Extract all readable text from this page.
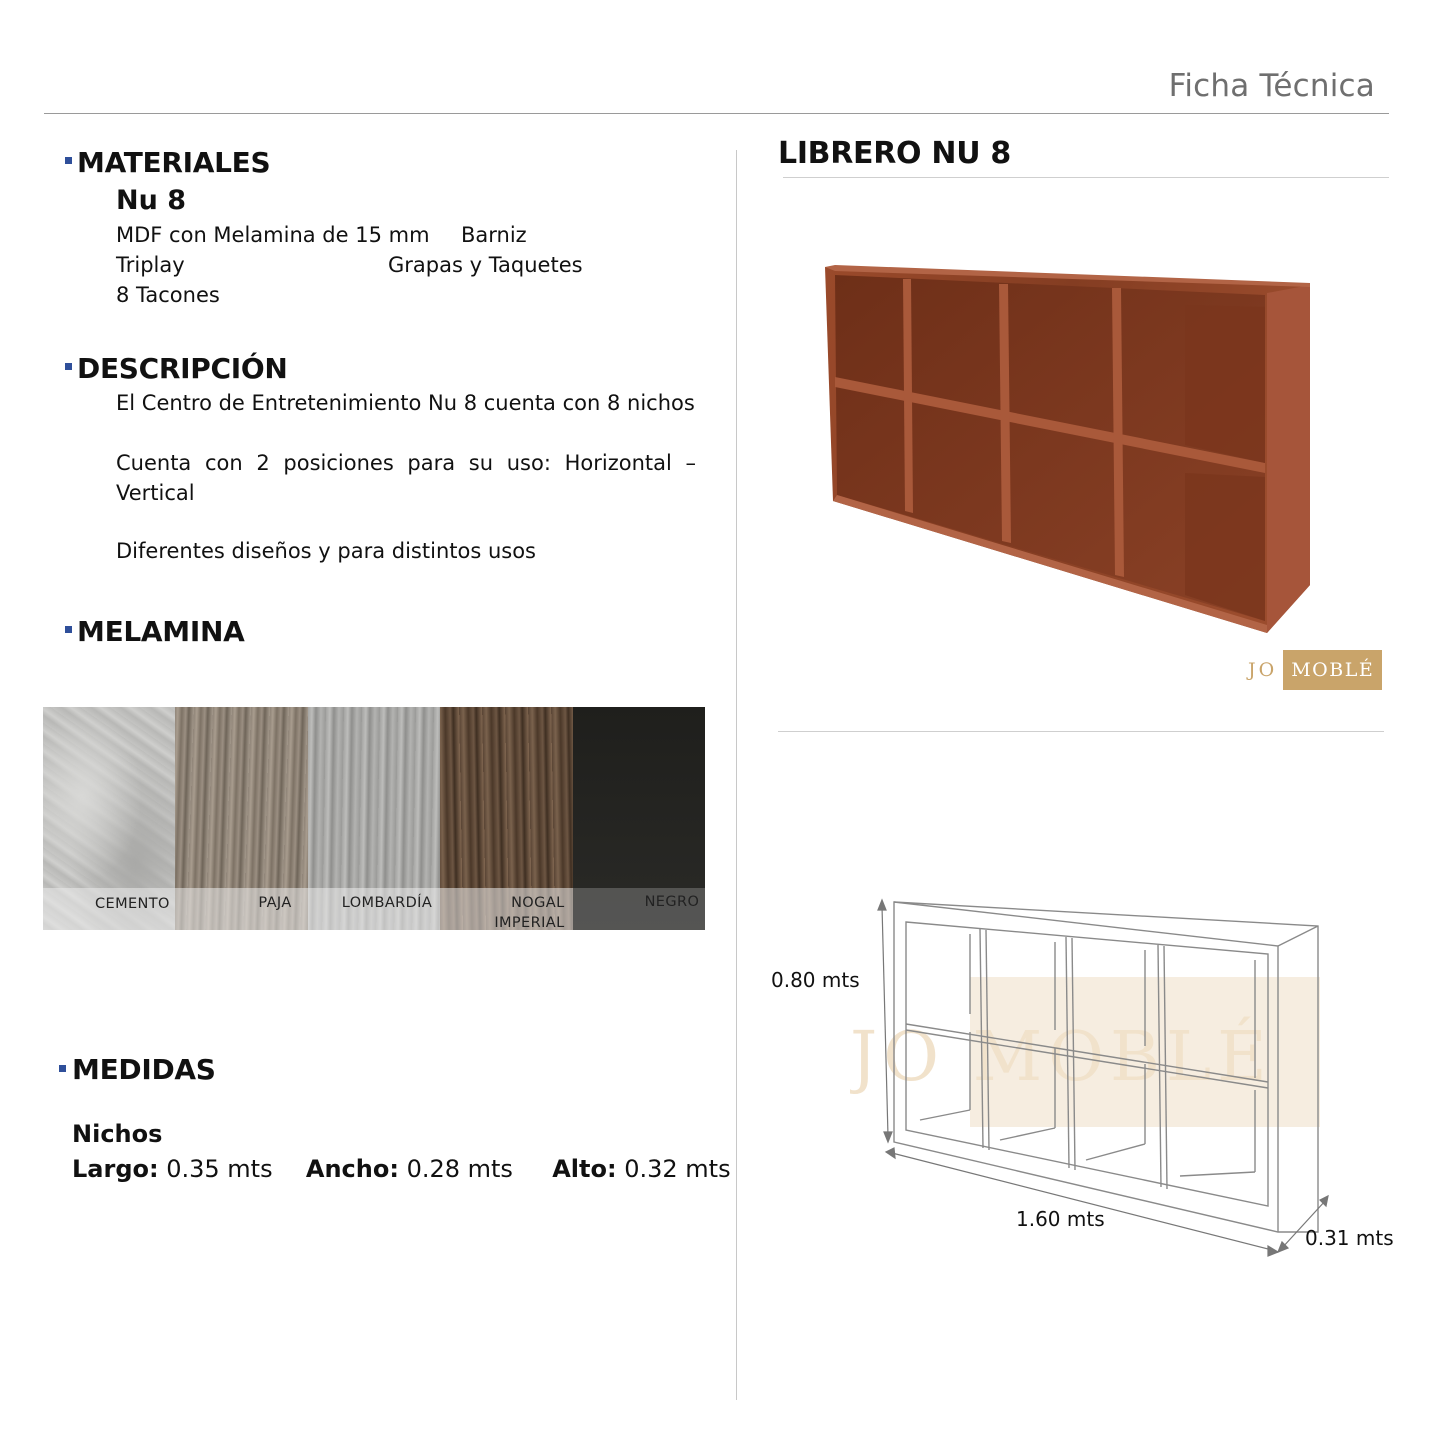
Ficha Técnica
MATERIALES
Nu 8
MDF con Melamina de 15 mm Barniz
Triplay	Grapas y Taquetes
8 Tacones
DESCRIPCIÓN
El Centro de Entretenimiento Nu 8 cuenta con 8 nichos
Cuenta con 2 posiciones para su uso: Horizontal – Vertical
Diferentes diseños y para distintos usos
MELAMINA
CEMENTO	PAJA	LOMBARDÍA	NOGAL
IMPERIAL
NEGRO
MEDIDAS
Nichos
Largo: 0.35 mts Ancho: 0.28 mts Alto: 0.32 mts
LIBRERO NU 8
JO MOBLÉ
JO MOBLÉ
0.80 mts
1.60 mts
0.31 mts
